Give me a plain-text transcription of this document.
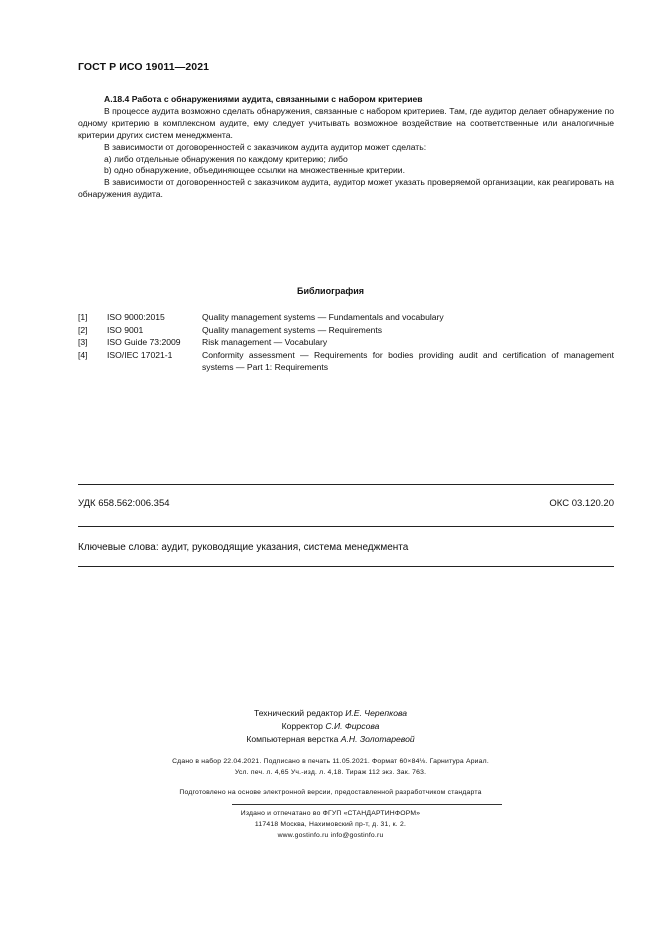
ГОСТ Р ИСО 19011—2021

A.18.4 Работа с обнаружениями аудита, связанными с набором критериев

В процессе аудита возможно сделать обнаружения, связанные с набором критериев. Там, где аудитор делает обнаружение по одному критерию в комплексном аудите, ему следует учитывать возможное воздействие на соответственные или аналогичные критерии других систем менеджмента.

В зависимости от договоренностей с заказчиком аудита аудитор может сделать:

а) либо отдельные обнаружения по каждому критерию; либо

b) одно обнаружение, объединяющее ссылки на множественные критерии.

В зависимости от договоренностей с заказчиком аудита, аудитор может указать проверяемой организации, как реагировать на обнаружения аудита.

Библиография
[1]	ISO 9000:2015	Quality management systems — Fundamentals and vocabulary
[2]	ISO 9001	Quality management systems — Requirements
[3]	ISO Guide 73:2009	Risk management — Vocabulary
[4]	ISO/IEC 17021-1	Conformity assessment — Requirements for bodies providing audit and certification of management systems — Part 1: Requirements
УДК 658.562:006.354	ОКС 03.120.20
Ключевые слова: аудит, руководящие указания, система менеджмента
Технический редактор И.Е. Черепкова
Корректор С.И. Фирсова
Компьютерная верстка А.Н. Золотаревой
Сдано в набор 22.04.2021. Подписано в печать 11.05.2021. Формат 60×84⅛. Гарнитура Ариал.
Усл. печ. л. 4,65 Уч.-изд. л. 4,18. Тираж 112 экз. Зак. 763.
Подготовлено на основе электронной версии, предоставленной разработчиком стандарта
Издано и отпечатано во ФГУП «СТАНДАРТИНФОРМ»
117418 Москва, Нахимовский пр-т, д. 31, к. 2.
www.gostinfo.ru info@gostinfo.ru
